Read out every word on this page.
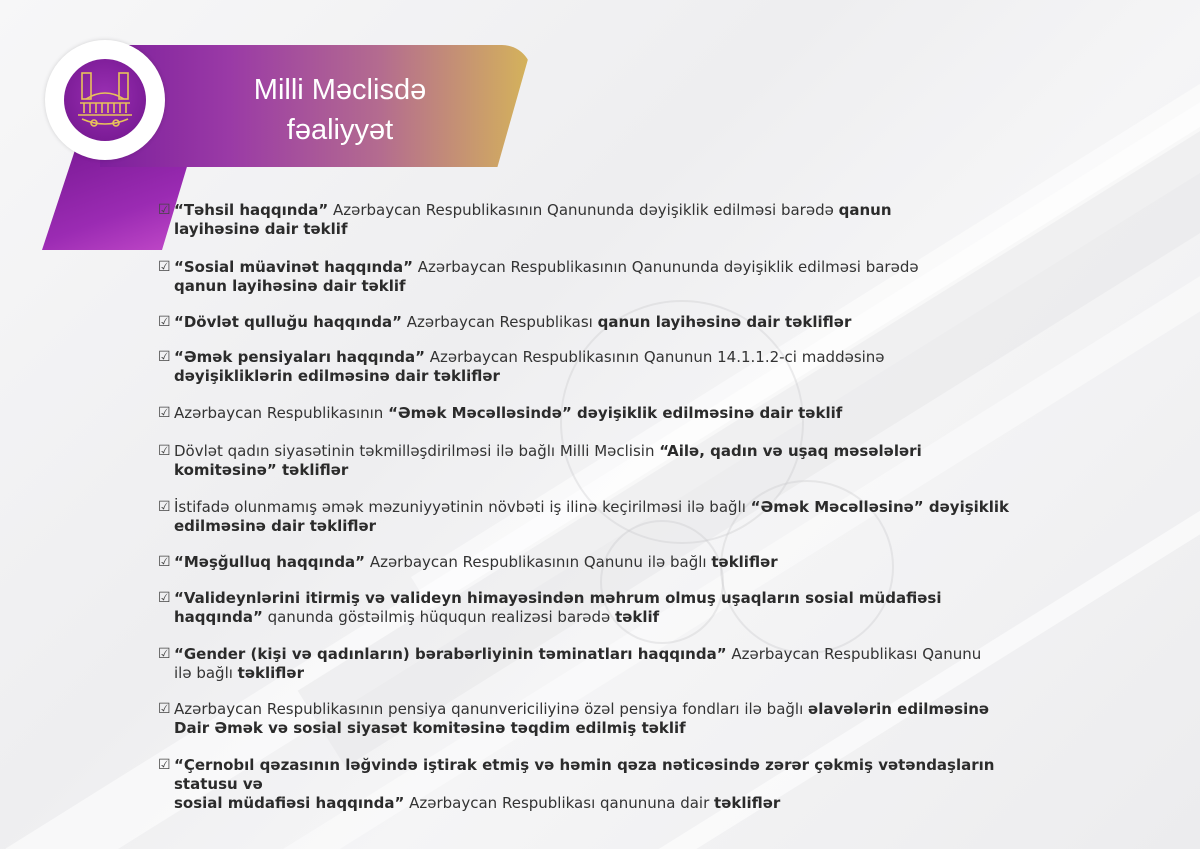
Milli Məclisdə
fəaliyyət
☑ “Təhsil haqqında” Azərbaycan Respublikasının Qanununda dəyişiklik edilməsi barədə qanun
layihəsinə dair təklif
☑ “Sosial müavinət haqqında” Azərbaycan Respublikasının Qanununda dəyişiklik edilməsi barədə
qanun layihəsinə dair təklif
☑ “Dövlət qulluğu haqqında” Azərbaycan Respublikası qanun layihəsinə dair təkliflər
☑ “Əmək pensiyaları haqqında” Azərbaycan Respublikasının Qanunun 14.1.1.2-ci maddəsinə
dəyişikliklərin edilməsinə dair təkliflər
☑ Azərbaycan Respublikasının “Əmək Məcəlləsində” dəyişiklik edilməsinə dair təklif
☑ Dövlət qadın siyasətinin təkmilləşdirilməsi ilə bağlı Milli Məclisin “Ailə, qadın və uşaq məsələləri
komitəsinə” təkliflər
☑ İstifadə olunmamış əmək məzuniyyətinin növbəti iş ilinə keçirilməsi ilə bağlı “Əmək Məcəlləsinə” dəyişiklik
edilməsinə dair təkliflər
☑ “Məşğulluq haqqında” Azərbaycan Respublikasının Qanunu ilə bağlı təkliflər
☑ “Valideynlərini itirmiş və valideyn himayəsindən məhrum olmuş uşaqların sosial müdafiəsi
haqqında” qanunda göstəilmiş hüququn realizəsi barədə təklif
☑ “Gender (kişi və qadınların) bərabərliyinin təminatları haqqında” Azərbaycan Respublikası Qanunu
ilə bağlı təkliflər
☑ Azərbaycan Respublikasının pensiya qanunvericiliyinə özəl pensiya fondları ilə bağlı əlavələrin edilməsinə
Dair Əmək və sosial siyasət komitəsinə təqdim edilmiş təklif
☑ “Çernobıl qəzasının ləğvində iştirak etmiş və həmin qəza nəticəsində zərər çəkmiş vətəndaşların statusu və
sosial müdafiəsi haqqında” Azərbaycan Respublikası qanununa dair təkliflər
